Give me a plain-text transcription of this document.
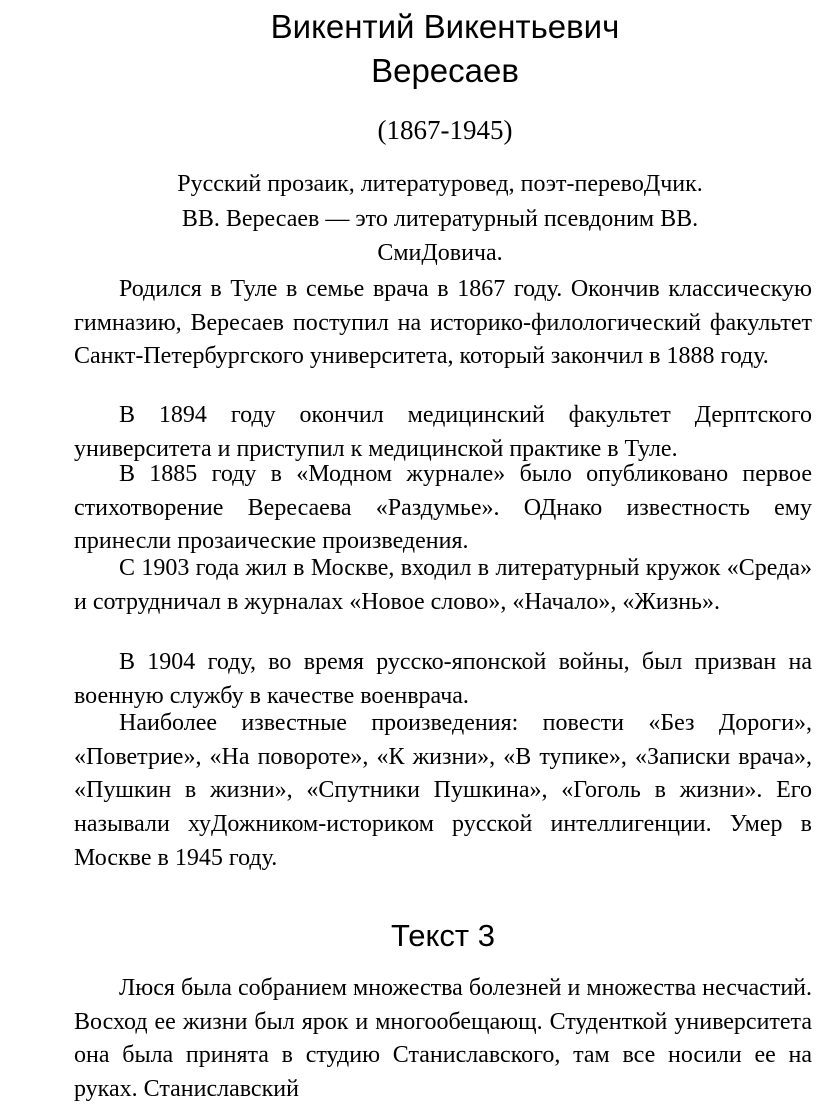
Викентий Викентьевич
Вересаев
(1867-1945)
Русский прозаик, литературовед, поэт-перевоДчик.
ВВ. Вересаев — это литературный псевдоним ВВ.
СмиДовича.

Родился в Туле в семье врача в 1867 году. Окончив классическую гимназию, Вересаев поступил на историко-филологический факультет Санкт-Петербургского университета, который закончил в 1888 году.

В 1894 году окончил медицинский факультет Дерптского университета и приступил к медицинской практике в Туле.

В 1885 году в «Модном журнале» было опубликовано первое стихотворение Вересаева «Раздумье». ОДнако известность ему принесли прозаические произведения.

С 1903 года жил в Москве, входил в литературный кружок «Среда» и сотрудничал в журналах «Новое слово», «Начало», «Жизнь».

В 1904 году, во время русско-японской войны, был призван на военную службу в качестве военврача.

Наиболее известные произведения: повести «Без Дороги», «Поветрие», «На повороте», «К жизни», «В тупике», «Записки врача», «Пушкин в жизни», «Спутники Пушкина», «Гоголь в жизни». Его называли хуДожником-историком русской интеллигенции. Умер в Москве в 1945 году.

Текст 3

Люся была собранием множества болезней и множества несчастий. Восход ее жизни был ярок и многообещающ. Студенткой университета она была принята в студию Станиславского, там все носили ее на руках. Станиславский
